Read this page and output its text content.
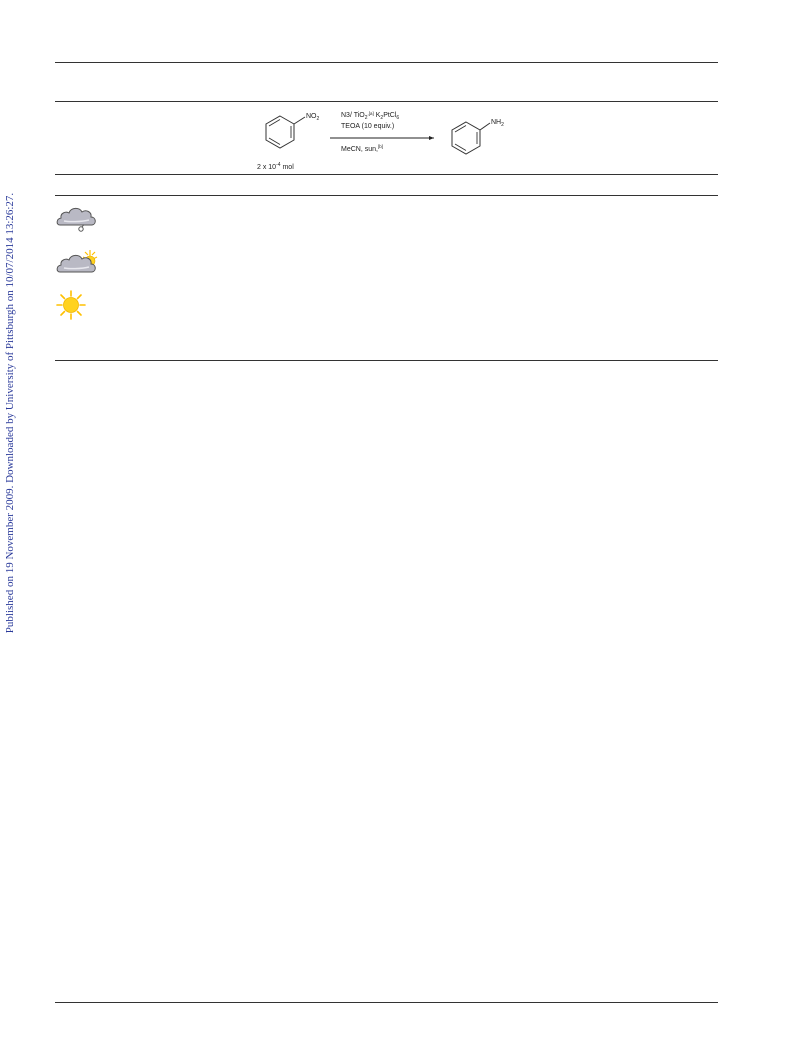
Published on 19 November 2009. Downloaded by University of Pittsburgh on 10/07/2014 13:26:27.
$NO_2$
2 x $10^{-4}$ mol
N3/ TiO$_2^{,[a]}$ $K_2PtCl_6$
TEOA (10 equiv.)
MeCN, sun,[b]
$NH_2$
